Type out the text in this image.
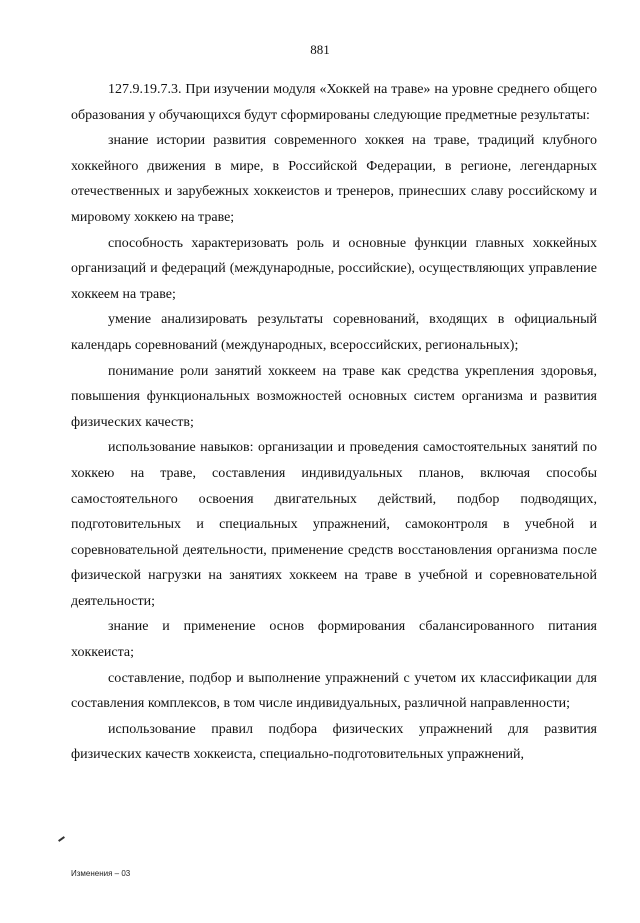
881

127.9.19.7.3. При изучении модуля «Хоккей на траве» на уровне среднего общего образования у обучающихся будут сформированы следующие предметные результаты:

знание истории развития современного хоккея на траве, традиций клубного хоккейного движения в мире, в Российской Федерации, в регионе, легендарных отечественных и зарубежных хоккеистов и тренеров, принесших славу российскому и мировому хоккею на траве;

способность характеризовать роль и основные функции главных хоккейных организаций и федераций (международные, российские), осуществляющих управление хоккеем на траве;

умение анализировать результаты соревнований, входящих в официальный календарь соревнований (международных, всероссийских, региональных);

понимание роли занятий хоккеем на траве как средства укрепления здоровья, повышения функциональных возможностей основных систем организма и развития физических качеств;

использование навыков: организации и проведения самостоятельных занятий по хоккею на траве, составления индивидуальных планов, включая способы самостоятельного освоения двигательных действий, подбор подводящих, подготовительных и специальных упражнений, самоконтроля в учебной и соревновательной деятельности, применение средств восстановления организма после физической нагрузки на занятиях хоккеем на траве в учебной и соревновательной деятельности;

знание и применение основ формирования сбалансированного питания хоккеиста;

составление, подбор и выполнение упражнений с учетом их классификации для составления комплексов, в том числе индивидуальных, различной направленности;

использование правил подбора физических упражнений для развития физических качеств хоккеиста, специально-подготовительных упражнений,

Изменения – 03
